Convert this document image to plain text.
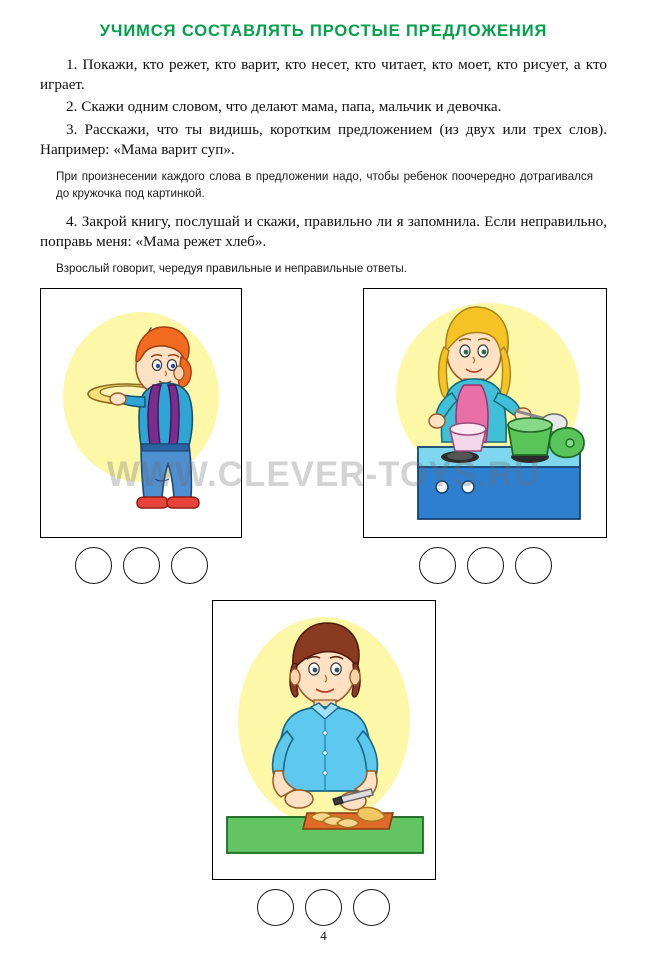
УЧИМСЯ СОСТАВЛЯТЬ ПРОСТЫЕ ПРЕДЛОЖЕНИЯ

1. Покажи, кто режет, кто варит, кто несет, кто читает, кто моет, кто рисует, а кто играет.

2. Скажи одним словом, что делают мама, папа, мальчик и девочка.

3. Расскажи, что ты видишь, коротким предложением (из двух или трех слов). Например: «Мама варит суп».

При произнесении каждого слова в предложении надо, чтобы ребенок поочередно дотрагивался до кружочка под картинкой.

4. Закрой книгу, послушай и скажи, правильно ли я запомнила. Если неправильно, поправь меня: «Мама режет хлеб».

Взрослый говорит, чередуя правильные и неправильные ответы.

4
WWW.CLEVER-TOYS.RU
